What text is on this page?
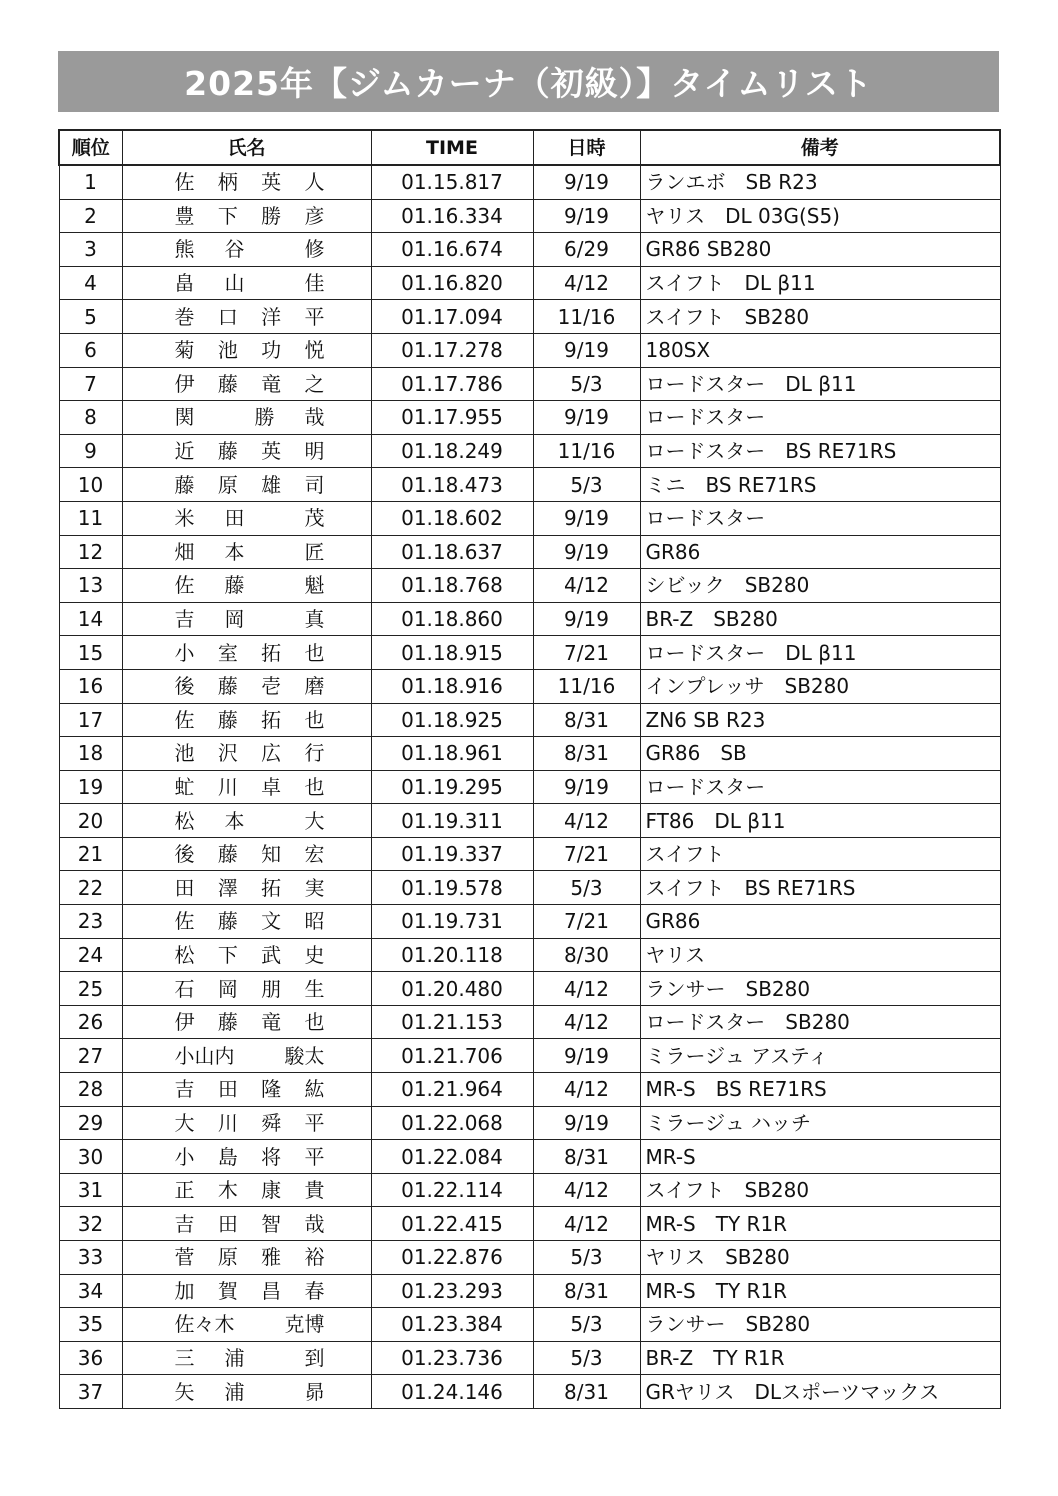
2025年【ジムカーナ（初級）】タイムリスト
順位	氏名	TIME	日時	備考
1	佐 柄 英 人	01.15.817	9/19	ランエボ　SB R23
2	豊 下 勝 彦	01.16.334	9/19	ヤリス　DL 03G(S5)
3	熊 谷 修	01.16.674	6/29	GR86 SB280
4	畠 山 佳	01.16.820	4/12	スイフト　DL β11
5	巻 口 洋 平	01.17.094	11/16	スイフト　SB280
6	菊 池 功 悦	01.17.278	9/19	180SX
7	伊 藤 竜 之	01.17.786	5/3	ロードスター　DL β11
8	関 勝 哉	01.17.955	9/19	ロードスター
9	近 藤 英 明	01.18.249	11/16	ロードスター　BS RE71RS
10	藤 原 雄 司	01.18.473	5/3	ミニ　BS RE71RS
11	米 田 茂	01.18.602	9/19	ロードスター
12	畑 本 匠	01.18.637	9/19	GR86
13	佐 藤 魁	01.18.768	4/12	シビック　SB280
14	吉 岡 真	01.18.860	9/19	BR-Z　SB280
15	小 室 拓 也	01.18.915	7/21	ロードスター　DL β11
16	後 藤 壱 磨	01.18.916	11/16	インプレッサ　SB280
17	佐 藤 拓 也	01.18.925	8/31	ZN6 SB R23
18	池 沢 広 行	01.18.961	8/31	GR86　SB
19	虻 川 卓 也	01.19.295	9/19	ロードスター
20	松 本 大	01.19.311	4/12	FT86　DL β11
21	後 藤 知 宏	01.19.337	7/21	スイフト
22	田 澤 拓 実	01.19.578	5/3	スイフト　BS RE71RS
23	佐 藤 文 昭	01.19.731	7/21	GR86
24	松 下 武 史	01.20.118	8/30	ヤリス
25	石 岡 朋 生	01.20.480	4/12	ランサー　SB280
26	伊 藤 竜 也	01.21.153	4/12	ロードスター　SB280
27	小山内 駿太	01.21.706	9/19	ミラージュ アスティ
28	吉 田 隆 紘	01.21.964	4/12	MR-S　BS RE71RS
29	大 川 舜 平	01.22.068	9/19	ミラージュ ハッチ
30	小 島 将 平	01.22.084	8/31	MR-S
31	正 木 康 貴	01.22.114	4/12	スイフト　SB280
32	吉 田 智 哉	01.22.415	4/12	MR-S　TY R1R
33	菅 原 雅 裕	01.22.876	5/3	ヤリス　SB280
34	加 賀 昌 春	01.23.293	8/31	MR-S　TY R1R
35	佐々木 克博	01.23.384	5/3	ランサー　SB280
36	三 浦 到	01.23.736	5/3	BR-Z　TY R1R
37	矢 浦 昴	01.24.146	8/31	GRヤリス　DLスポーツマックス
